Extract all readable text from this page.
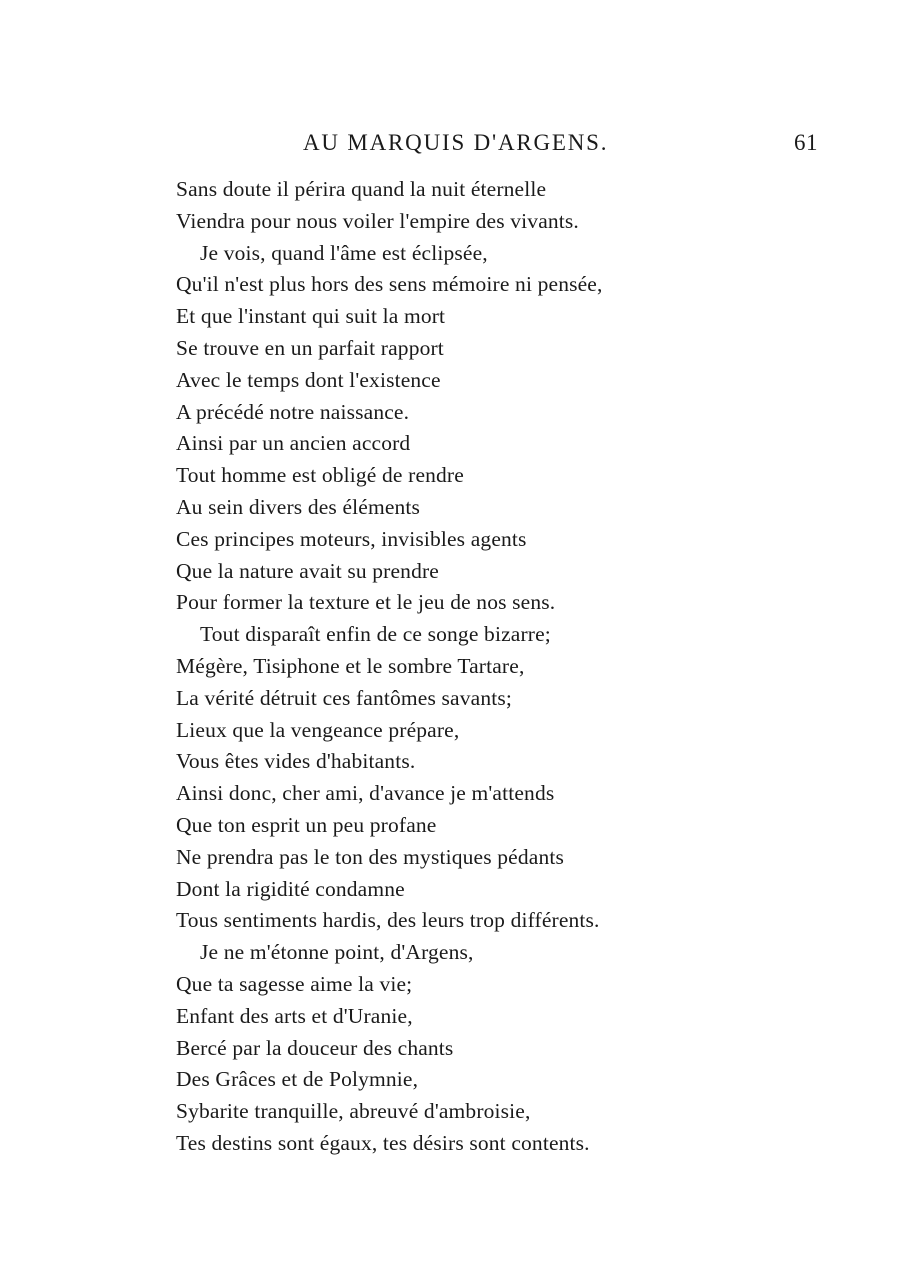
AU MARQUIS D'ARGENS.	61
Sans doute il périra quand la nuit éternelle
Viendra pour nous voiler l'empire des vivants.
Je vois, quand l'âme est éclipsée,
Qu'il n'est plus hors des sens mémoire ni pensée,
Et que l'instant qui suit la mort
Se trouve en un parfait rapport
Avec le temps dont l'existence
A précédé notre naissance.
Ainsi par un ancien accord
Tout homme est obligé de rendre
Au sein divers des éléments
Ces principes moteurs, invisibles agents
Que la nature avait su prendre
Pour former la texture et le jeu de nos sens.
Tout disparaît enfin de ce songe bizarre;
Mégère, Tisiphone et le sombre Tartare,
La vérité détruit ces fantômes savants;
Lieux que la vengeance prépare,
Vous êtes vides d'habitants.
Ainsi donc, cher ami, d'avance je m'attends
Que ton esprit un peu profane
Ne prendra pas le ton des mystiques pédants
Dont la rigidité condamne
Tous sentiments hardis, des leurs trop différents.
Je ne m'étonne point, d'Argens,
Que ta sagesse aime la vie;
Enfant des arts et d'Uranie,
Bercé par la douceur des chants
Des Grâces et de Polymnie,
Sybarite tranquille, abreuvé d'ambroisie,
Tes destins sont égaux, tes désirs sont contents.
